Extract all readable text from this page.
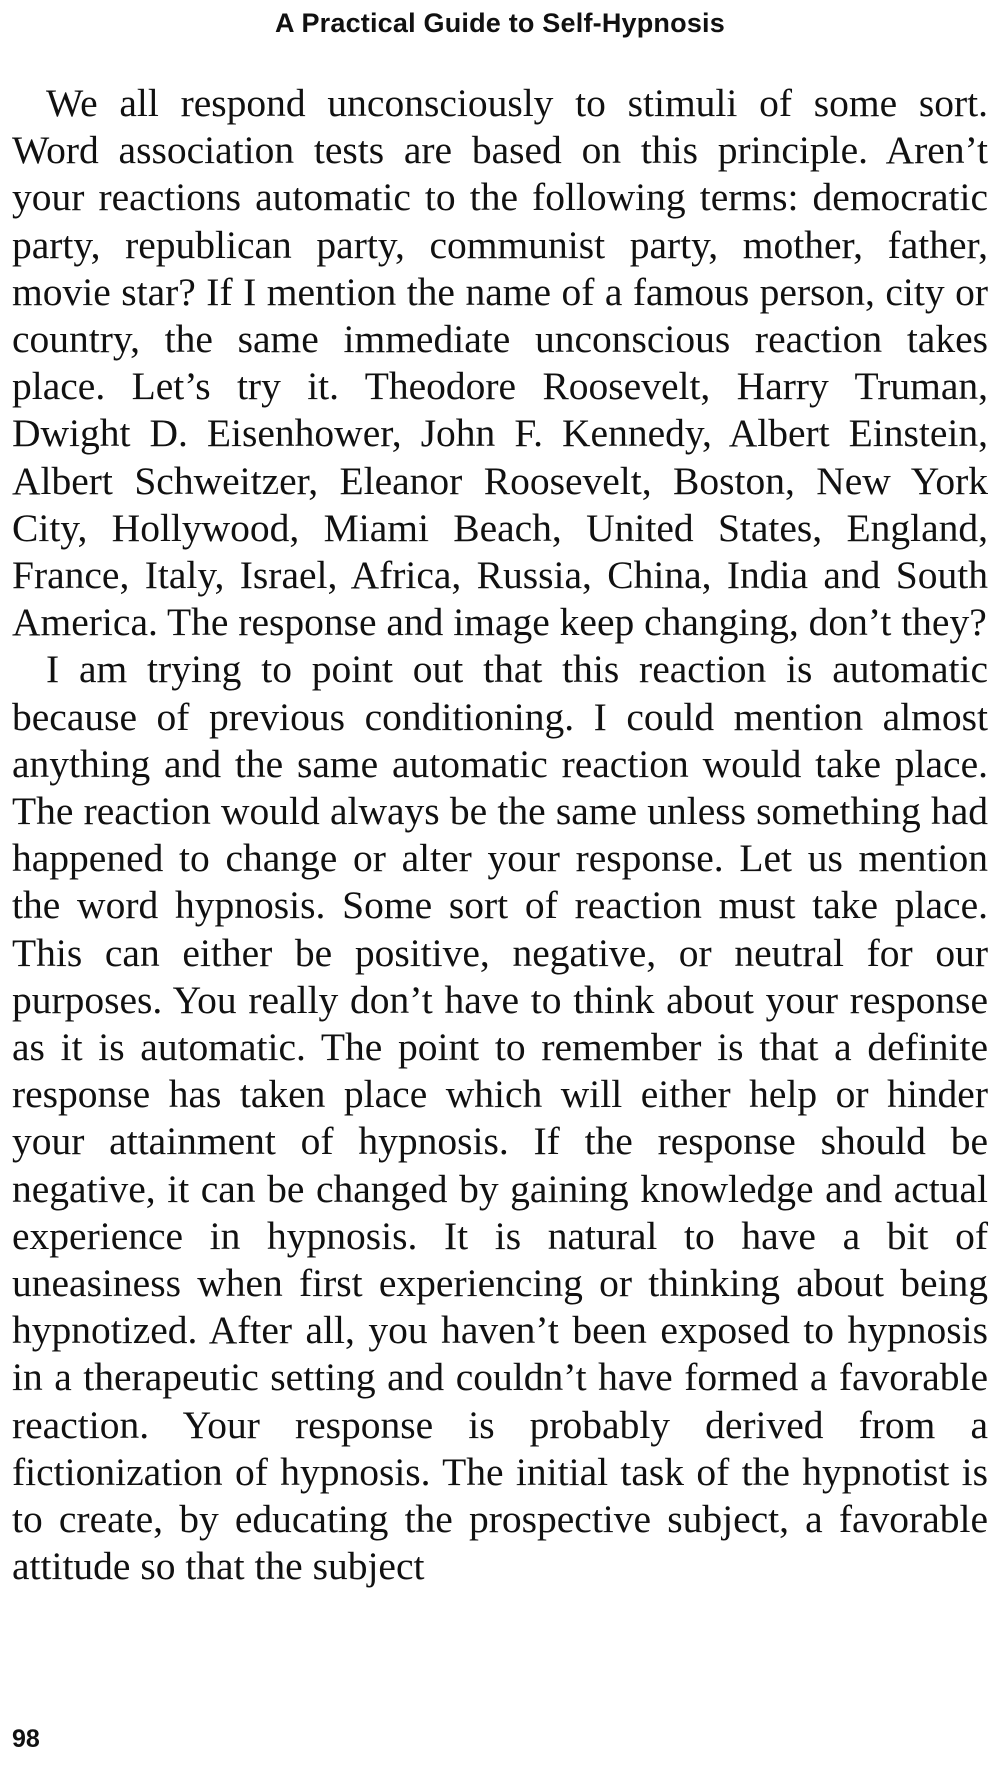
A Practical Guide to Self-Hypnosis

We all respond unconsciously to stimuli of some sort. Word association tests are based on this principle. Aren’t your reactions automatic to the following terms: democratic party, republican party, communist party, mother, father, movie star? If I mention the name of a famous person, city or country, the same immediate unconscious reaction takes place. Let’s try it. Theodore Roosevelt, Harry Truman, Dwight D. Eisenhower, John F. Kennedy, Albert Einstein, Albert Schweitzer, Eleanor Roosevelt, Boston, New York City, Hollywood, Miami Beach, United States, England, France, Italy, Israel, Africa, Russia, China, India and South America. The response and image keep changing, don’t they?

I am trying to point out that this reaction is automatic because of previous conditioning. I could mention almost anything and the same automatic reaction would take place. The reaction would always be the same unless something had happened to change or alter your response. Let us mention the word hypnosis. Some sort of reaction must take place. This can either be positive, negative, or neutral for our purposes. You really don’t have to think about your response as it is automatic. The point to remember is that a definite response has taken place which will either help or hinder your attainment of hypnosis. If the response should be negative, it can be changed by gaining knowledge and actual experience in hypnosis. It is natural to have a bit of uneasiness when first experiencing or thinking about being hypnotized. After all, you haven’t been exposed to hypnosis in a therapeutic setting and couldn’t have formed a favorable reaction. Your response is probably derived from a fictionization of hypnosis. The initial task of the hypnotist is to create, by educating the prospective subject, a favorable attitude so that the subject

98
